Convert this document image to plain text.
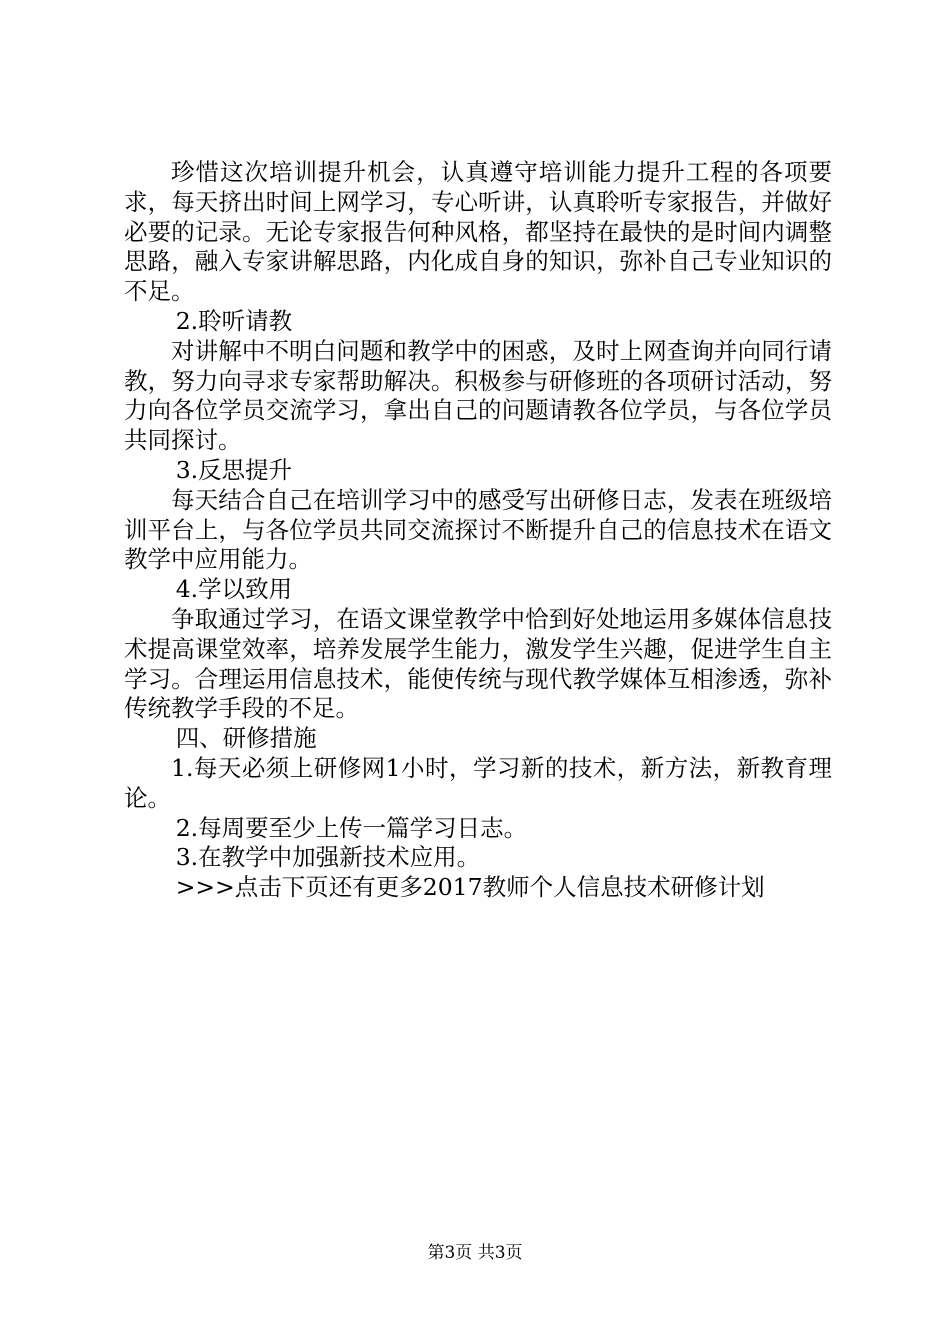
珍惜这次培训提升机会，认真遵守培训能力提升工程的各项要求，每天挤出时间上网学习，专心听讲，认真聆听专家报告，并做好必要的记录。无论专家报告何种风格，都坚持在最快的是时间内调整思路，融入专家讲解思路，内化成自身的知识，弥补自己专业知识的不足。

2.聆听请教

对讲解中不明白问题和教学中的困惑，及时上网查询并向同行请教，努力向寻求专家帮助解决。积极参与研修班的各项研讨活动，努力向各位学员交流学习，拿出自己的问题请教各位学员，与各位学员共同探讨。

3.反思提升

每天结合自己在培训学习中的感受写出研修日志，发表在班级培训平台上，与各位学员共同交流探讨不断提升自己的信息技术在语文教学中应用能力。

4.学以致用

争取通过学习，在语文课堂教学中恰到好处地运用多媒体信息技术提高课堂效率，培养发展学生能力，激发学生兴趣，促进学生自主学习。合理运用信息技术，能使传统与现代教学媒体互相渗透，弥补传统教学手段的不足。

四、研修措施

1.每天必须上研修网1小时，学习新的技术，新方法，新教育理论。

2.每周要至少上传一篇学习日志。

3.在教学中加强新技术应用。

>>>点击下页还有更多2017教师个人信息技术研修计划

第3页 共3页
